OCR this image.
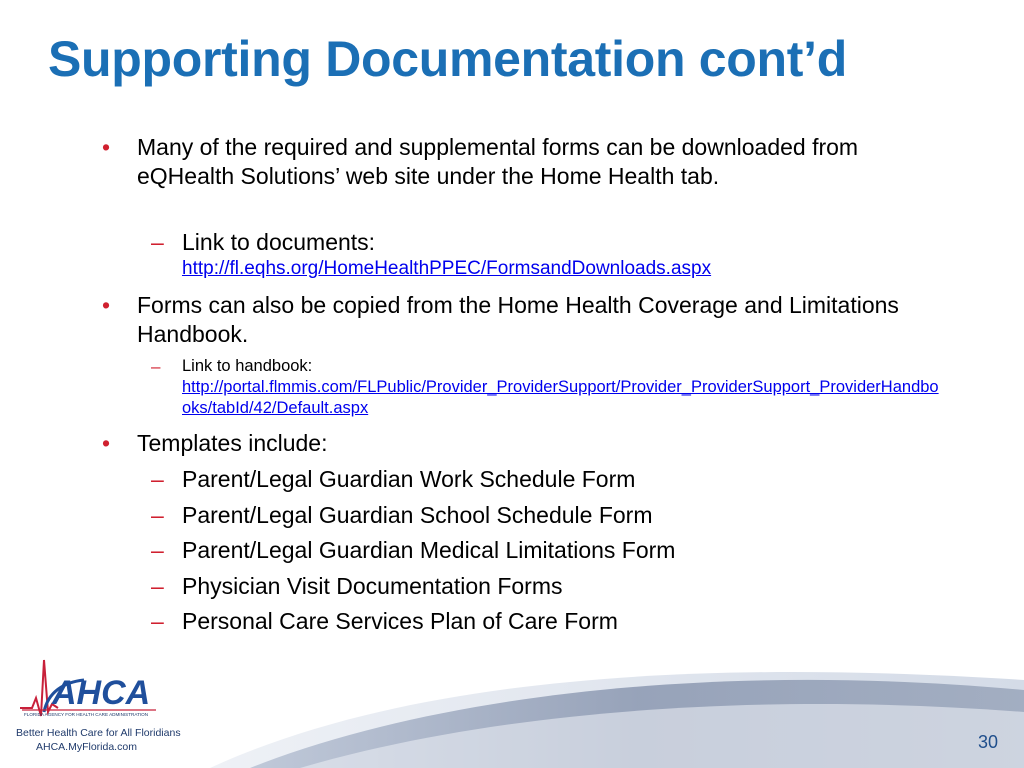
Supporting Documentation cont’d
• Many of the required and supplemental forms can be downloaded from eQHealth Solutions’ web site under the Home Health tab.
– Link to documents:
http://fl.eqhs.org/HomeHealthPPEC/FormsandDownloads.aspx
• Forms can also be copied from the Home Health Coverage and Limitations Handbook.
– Link to handbook:
http://portal.flmmis.com/FLPublic/Provider_ProviderSupport/Provider_ProviderSupport_ProviderHandbooks/tabId/42/Default.aspx
• Templates include:
– Parent/Legal Guardian Work Schedule Form
– Parent/Legal Guardian School Schedule Form
– Parent/Legal Guardian Medical Limitations Form
– Physician Visit Documentation Forms
– Personal Care Services Plan of Care Form
AHCA
FLORIDA AGENCY FOR HEALTH CARE ADMINISTRATION
Better Health Care for All Floridians
AHCA.MyFlorida.com	30
